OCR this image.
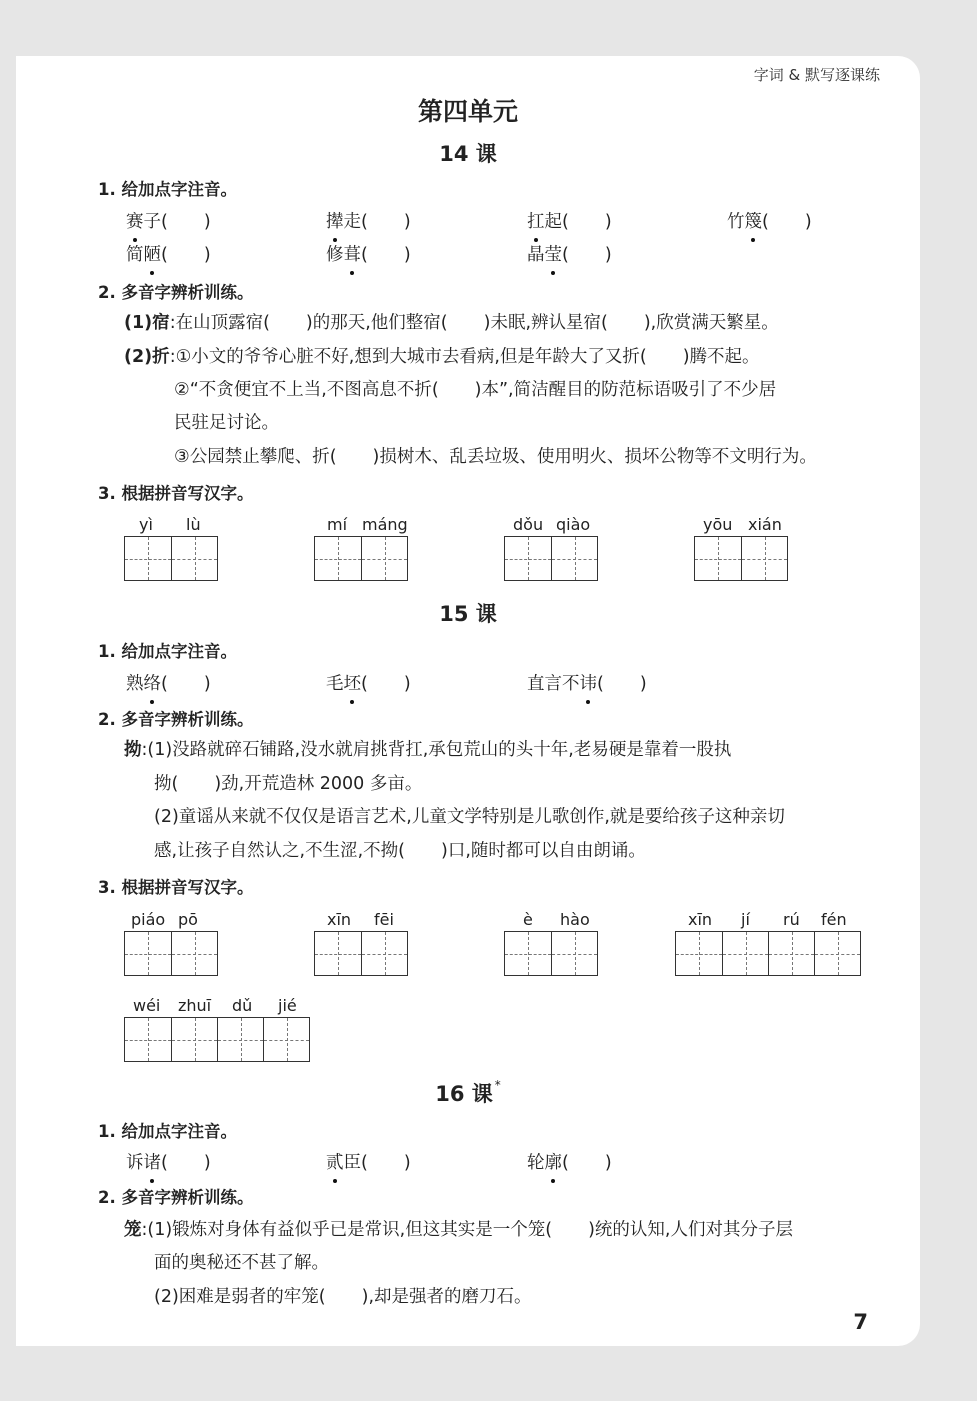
字词 & 默写逐课练
第四单元
14 课
1. 给加点字注音。
赛子( )	撵走( )	扛起( )	竹篾( )
简陋( )	修葺( )	晶莹( )
2. 多音字辨析训练。
(1)宿:在山顶露宿( )的那天,他们整宿( )未眠,辨认星宿( ),欣赏满天繁星。
(2)折:①小文的爷爷心脏不好,想到大城市去看病,但是年龄大了又折( )腾不起。
②“不贪便宜不上当,不图高息不折( )本”,简洁醒目的防范标语吸引了不少居
民驻足讨论。
③公园禁止攀爬、折( )损树木、乱丢垃圾、使用明火、损坏公物等不文明行为。
3. 根据拼音写汉字。
yì lù	mí máng	dǒu qiào	yōu xián
15 课
1. 给加点字注音。
熟络( )	毛坯( )	直言不讳( )
2. 多音字辨析训练。
拗:(1)没路就碎石铺路,没水就肩挑背扛,承包荒山的头十年,老易硬是靠着一股执
拗( )劲,开荒造林 2000 多亩。
(2)童谣从来就不仅仅是语言艺术,儿童文学特别是儿歌创作,就是要给孩子这种亲切
感,让孩子自然认之,不生涩,不拗( )口,随时都可以自由朗诵。
3. 根据拼音写汉字。
piáo pō	xīn fēi	è hào	xīn jí rú fén
wéi zhuī dǔ jié
16 课 *
1. 给加点字注音。
诉诸( )	贰臣( )	轮廓( )
2. 多音字辨析训练。
笼:(1)锻炼对身体有益似乎已是常识,但这其实是一个笼( )统的认知,人们对其分子层
面的奥秘还不甚了解。
(2)困难是弱者的牢笼( ),却是强者的磨刀石。
7
